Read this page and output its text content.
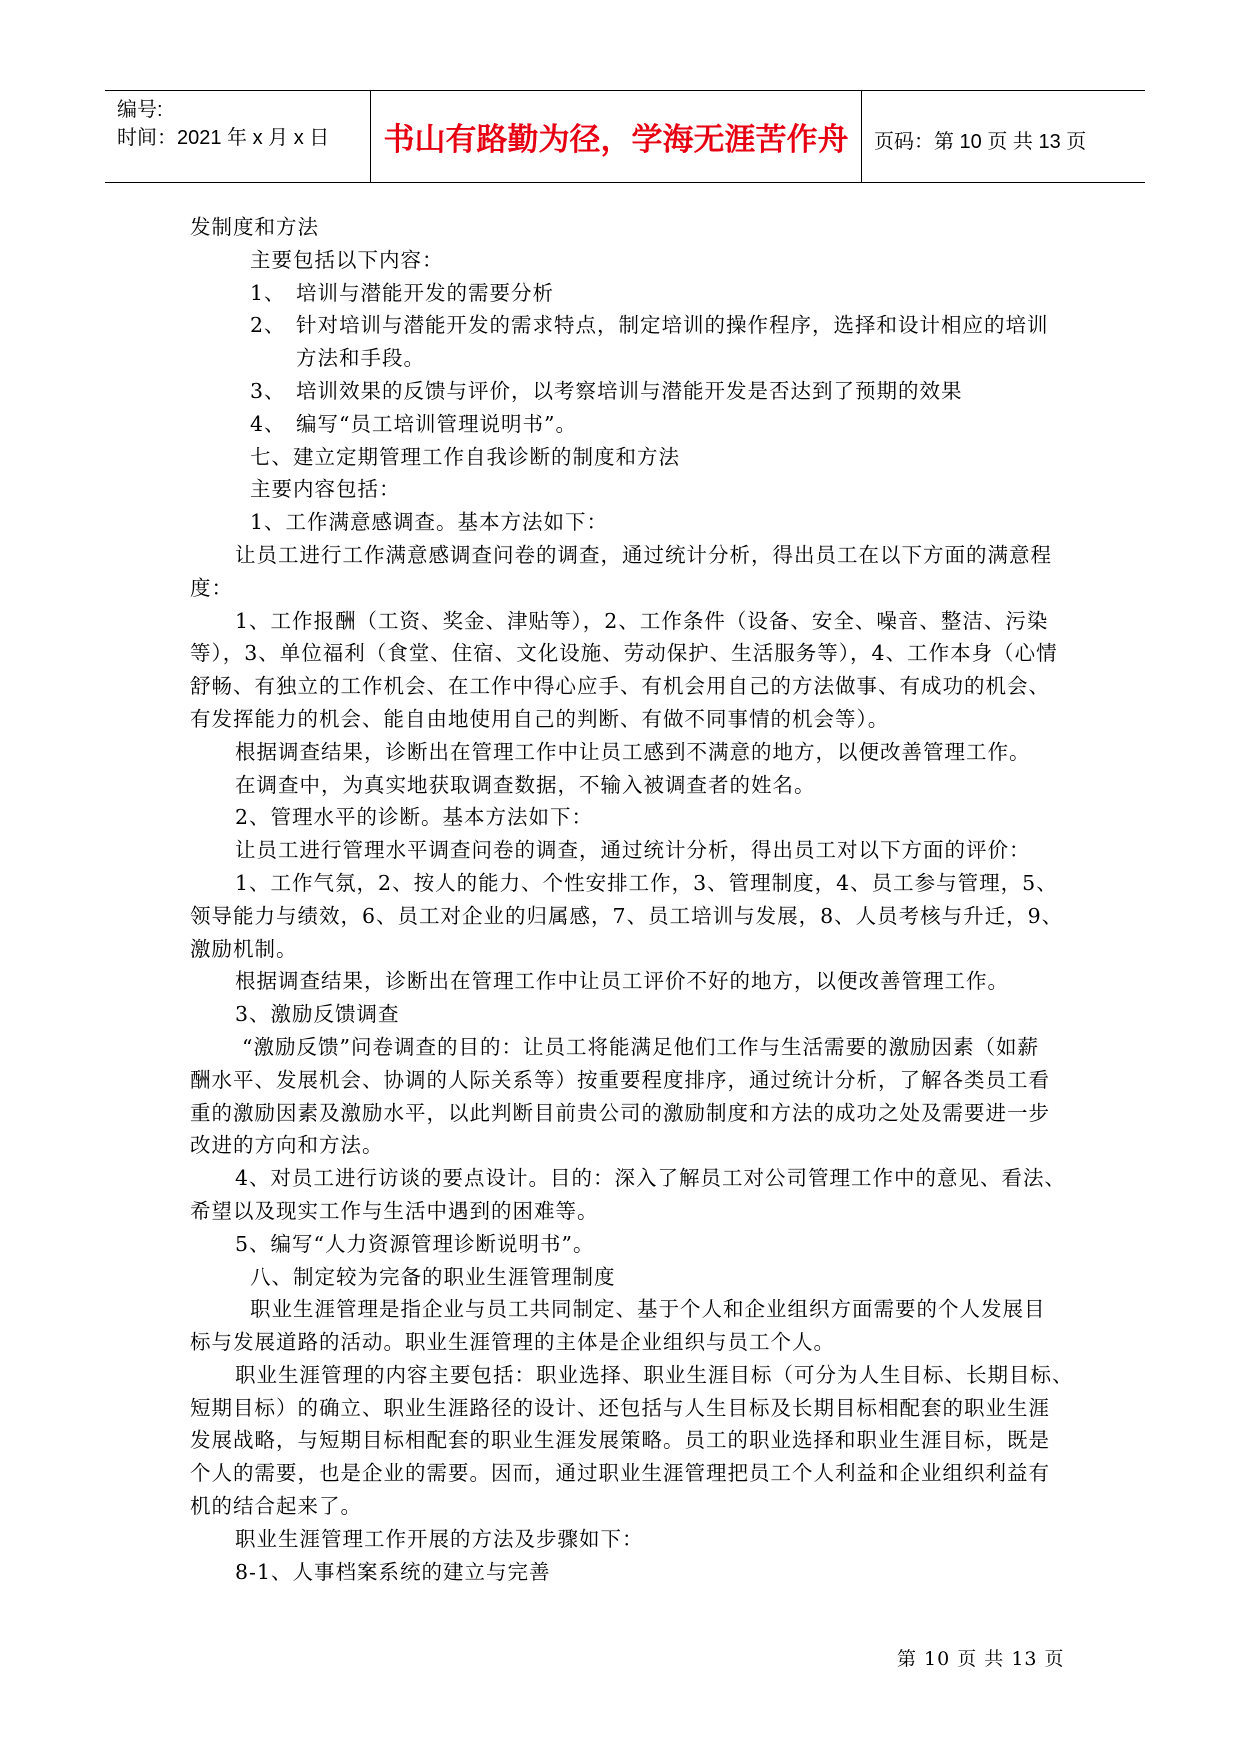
编号:
时间：2021 年 x 月 x 日	书山有路勤为径，学海无涯苦作舟	页码：第 10 页 共 13 页
发制度和方法
主要包括以下内容：
1、 培训与潜能开发的需要分析
2、 针对培训与潜能开发的需求特点，制定培训的操作程序，选择和设计相应的培训
方法和手段。
3、 培训效果的反馈与评价，以考察培训与潜能开发是否达到了预期的效果
4、 编写“员工培训管理说明书”。
七、建立定期管理工作自我诊断的制度和方法
主要内容包括：
1、工作满意感调查。基本方法如下：
让员工进行工作满意感调查问卷的调查，通过统计分析，得出员工在以下方面的满意程
度：
1、工作报酬（工资、奖金、津贴等），2、工作条件（设备、安全、噪音、整洁、污染
等），3、单位福利（食堂、住宿、文化设施、劳动保护、生活服务等），4、工作本身（心情
舒畅、有独立的工作机会、在工作中得心应手、有机会用自己的方法做事、有成功的机会、
有发挥能力的机会、能自由地使用自己的判断、有做不同事情的机会等）。
根据调查结果，诊断出在管理工作中让员工感到不满意的地方，以便改善管理工作。
在调查中，为真实地获取调查数据，不输入被调查者的姓名。
2、管理水平的诊断。基本方法如下：
让员工进行管理水平调查问卷的调查，通过统计分析，得出员工对以下方面的评价：
1、工作气氛，2、按人的能力、个性安排工作，3、管理制度，4、员工参与管理，5、
领导能力与绩效，6、员工对企业的归属感，7、员工培训与发展，8、人员考核与升迁，9、
激励机制。
根据调查结果，诊断出在管理工作中让员工评价不好的地方，以便改善管理工作。
3、激励反馈调查
“激励反馈”问卷调查的目的：让员工将能满足他们工作与生活需要的激励因素（如薪
酬水平、发展机会、协调的人际关系等）按重要程度排序，通过统计分析，了解各类员工看
重的激励因素及激励水平，以此判断目前贵公司的激励制度和方法的成功之处及需要进一步
改进的方向和方法。
4、对员工进行访谈的要点设计。目的：深入了解员工对公司管理工作中的意见、看法、
希望以及现实工作与生活中遇到的困难等。
5、编写“人力资源管理诊断说明书”。
八、制定较为完备的职业生涯管理制度
职业生涯管理是指企业与员工共同制定、基于个人和企业组织方面需要的个人发展目
标与发展道路的活动。职业生涯管理的主体是企业组织与员工个人。
职业生涯管理的内容主要包括：职业选择、职业生涯目标（可分为人生目标、长期目标、
短期目标）的确立、职业生涯路径的设计、还包括与人生目标及长期目标相配套的职业生涯
发展战略，与短期目标相配套的职业生涯发展策略。员工的职业选择和职业生涯目标，既是
个人的需要，也是企业的需要。因而，通过职业生涯管理把员工个人利益和企业组织利益有
机的结合起来了。
职业生涯管理工作开展的方法及步骤如下：
8-1、人事档案系统的建立与完善
第 10 页 共 13 页
